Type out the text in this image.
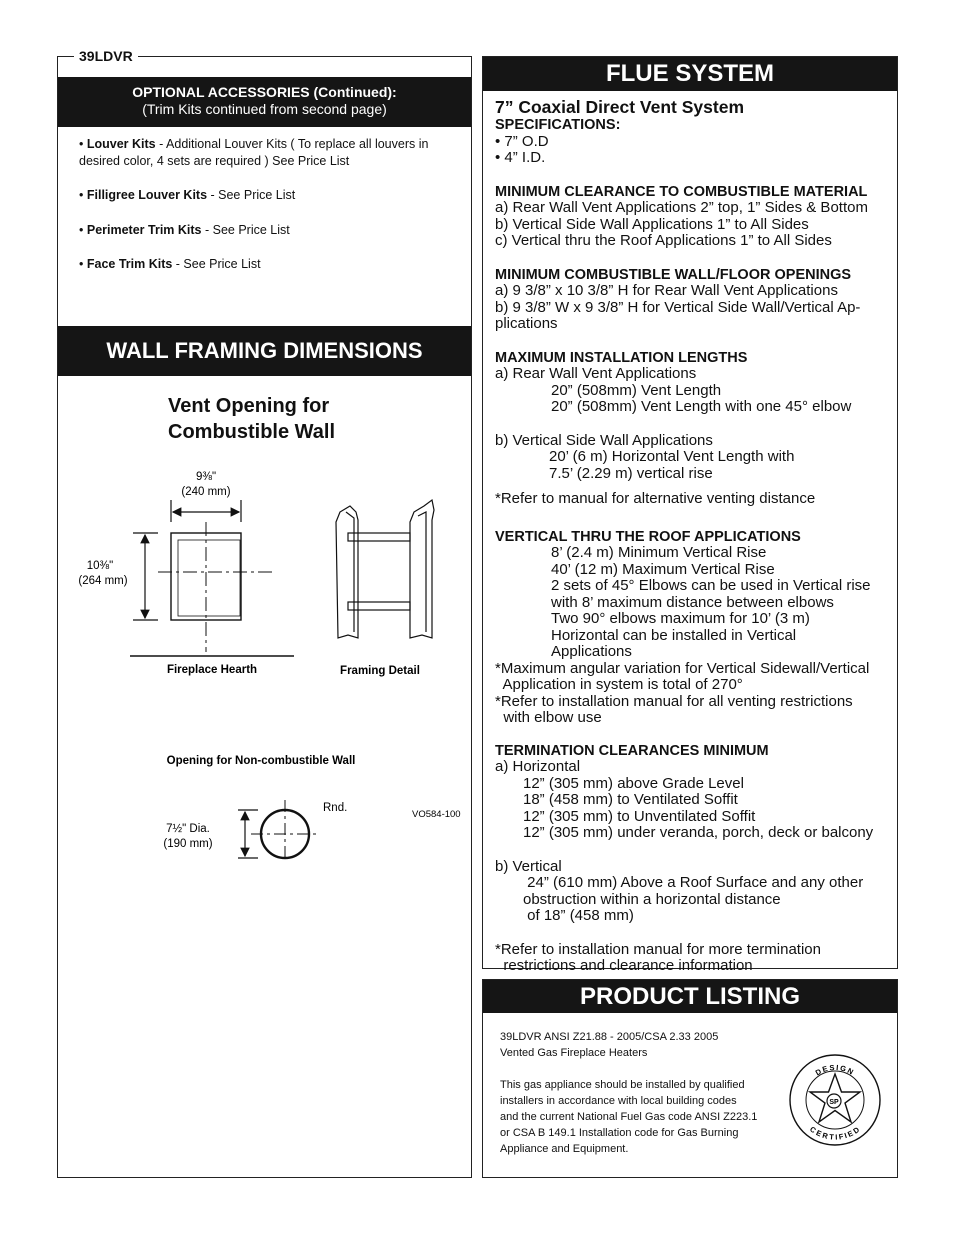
39LDVR
OPTIONAL ACCESSORIES (Continued):
(Trim Kits continued from second page)
• Louver Kits - Additional Louver Kits ( To replace all louvers in desired color, 4 sets are required ) See Price List
• Filligree Louver Kits - See Price List
• Perimeter Trim Kits - See Price List
• Face Trim Kits - See Price List
WALL FRAMING DIMENSIONS
Vent Opening for
Combustible Wall
9⅜"
(240 mm)
10⅜"
(264 mm)
Fireplace Hearth	Framing Detail
Opening for Non-combustible Wall
Rnd.
VO584-100
7½" Dia.
(190 mm)
FLUE SYSTEM
7” Coaxial Direct Vent System
SPECIFICATIONS:
• 7” O.D
• 4” I.D.
MINIMUM CLEARANCE TO COMBUSTIBLE MATERIAL
a) Rear Wall Vent Applications 2” top, 1” Sides & Bottom
b) Vertical Side Wall Applications 1” to All Sides
c) Vertical thru the Roof Applications 1” to All Sides
MINIMUM COMBUSTIBLE WALL/FLOOR OPENINGS
a) 9 3/8” x 10 3/8” H for Rear Wall Vent Applications
b) 9 3/8” W x 9 3/8” H for Vertical Side Wall/Vertical Ap-
plications
MAXIMUM INSTALLATION LENGTHS
a) Rear Wall Vent Applications
20” (508mm) Vent Length
20” (508mm) Vent Length with one 45° elbow
b) Vertical Side Wall Applications
20’ (6 m) Horizontal Vent Length with
7.5’ (2.29 m) vertical rise
*Refer to manual for alternative venting distance
VERTICAL THRU THE ROOF APPLICATIONS
8’ (2.4 m) Minimum Vertical Rise
40’ (12 m) Maximum Vertical Rise
2 sets of 45° Elbows can be used in Vertical rise
with 8’ maximum distance between elbows
Two 90° elbows maximum for 10’ (3 m)
Horizontal can be installed in Vertical
Applications
*Maximum angular variation for Vertical Sidewall/Vertical
Application in system is total of 270°
*Refer to installation manual for all venting restrictions
with elbow use
TERMINATION CLEARANCES MINIMUM
a) Horizontal
12” (305 mm) above Grade Level
18” (458 mm) to Ventilated Soffit
12” (305 mm) to Unventilated Soffit
12” (305 mm) under veranda, porch, deck or balcony
b) Vertical
24” (610 mm) Above a Roof Surface and any other
obstruction within a horizontal distance
of 18” (458 mm)
*Refer to installation manual for more termination
restrictions and clearance information
PRODUCT LISTING
39LDVR ANSI Z21.88 - 2005/CSA 2.33 2005
Vented Gas Fireplace Heaters
This gas appliance should be installed by qualified
installers in accordance with local building codes
and the current National Fuel Gas code ANSI Z223.1
or CSA B 149.1 Installation code for Gas Burning
Appliance and Equipment.
DESIGN
CERTIFIED
SP
